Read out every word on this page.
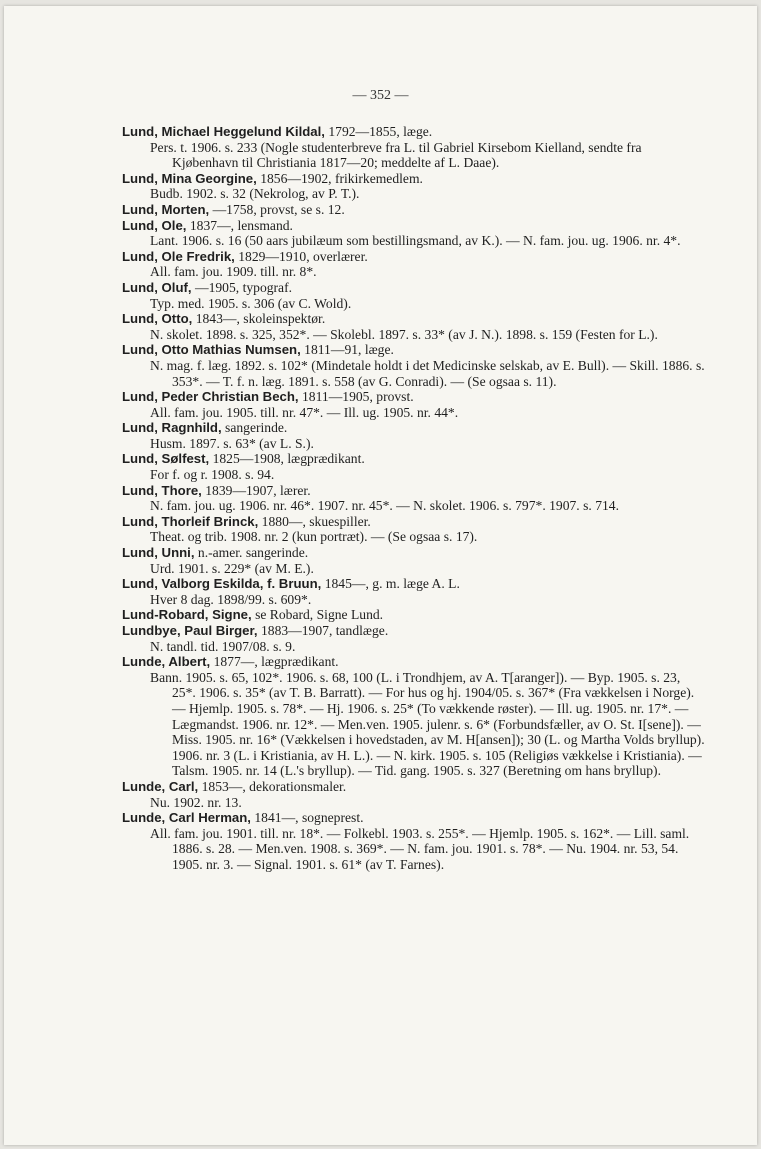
— 352 —

Lund, Michael Heggelund Kildal, 1792—1855, læge.

Pers. t. 1906. s. 233 (Nogle studenterbreve fra L. til Gabriel Kirsebom Kielland, sendte fra Kjøbenhavn til Christiania 1817—20; meddelte af L. Daae).

Lund, Mina Georgine, 1856—1902, frikirkemedlem.

Budb. 1902. s. 32 (Nekrolog, av P. T.).

Lund, Morten, —1758, provst, se s. 12.

Lund, Ole, 1837—, lensmand.

Lant. 1906. s. 16 (50 aars jubilæum som bestillingsmand, av K.). — N. fam. jou. ug. 1906. nr. 4*.

Lund, Ole Fredrik, 1829—1910, overlærer.

All. fam. jou. 1909. till. nr. 8*.

Lund, Oluf, —1905, typograf.

Typ. med. 1905. s. 306 (av C. Wold).

Lund, Otto, 1843—, skoleinspektør.

N. skolet. 1898. s. 325, 352*. — Skolebl. 1897. s. 33* (av J. N.). 1898. s. 159 (Festen for L.).

Lund, Otto Mathias Numsen, 1811—91, læge.

N. mag. f. læg. 1892. s. 102* (Mindetale holdt i det Medicinske selskab, av E. Bull). — Skill. 1886. s. 353*. — T. f. n. læg. 1891. s. 558 (av G. Conradi). — (Se ogsaa s. 11).

Lund, Peder Christian Bech, 1811—1905, provst.

All. fam. jou. 1905. till. nr. 47*. — Ill. ug. 1905. nr. 44*.

Lund, Ragnhild, sangerinde.

Husm. 1897. s. 63* (av L. S.).

Lund, Sølfest, 1825—1908, lægprædikant.

For f. og r. 1908. s. 94.

Lund, Thore, 1839—1907, lærer.

N. fam. jou. ug. 1906. nr. 46*. 1907. nr. 45*. — N. skolet. 1906. s. 797*. 1907. s. 714.

Lund, Thorleif Brinck, 1880—, skuespiller.

Theat. og trib. 1908. nr. 2 (kun portræt). — (Se ogsaa s. 17).

Lund, Unni, n.-amer. sangerinde.

Urd. 1901. s. 229* (av M. E.).

Lund, Valborg Eskilda, f. Bruun, 1845—, g. m. læge A. L.

Hver 8 dag. 1898/99. s. 609*.

Lund-Robard, Signe, se Robard, Signe Lund.

Lundbye, Paul Birger, 1883—1907, tandlæge.

N. tandl. tid. 1907/08. s. 9.

Lunde, Albert, 1877—, lægprædikant.

Bann. 1905. s. 65, 102*. 1906. s. 68, 100 (L. i Trondhjem, av A. T[aranger]). — Byp. 1905. s. 23, 25*. 1906. s. 35* (av T. B. Barratt). — For hus og hj. 1904/05. s. 367* (Fra vækkelsen i Norge). — Hjemlp. 1905. s. 78*. — Hj. 1906. s. 25* (To vækkende røster). — Ill. ug. 1905. nr. 17*. — Lægmandst. 1906. nr. 12*. — Men.ven. 1905. julenr. s. 6* (Forbundsfæller, av O. St. I[sene]). — Miss. 1905. nr. 16* (Vækkelsen i hovedstaden, av M. H[ansen]); 30 (L. og Martha Volds bryllup). 1906. nr. 3 (L. i Kristiania, av H. L.). — N. kirk. 1905. s. 105 (Religiøs vækkelse i Kristiania). — Talsm. 1905. nr. 14 (L.'s bryllup). — Tid. gang. 1905. s. 327 (Beretning om hans bryllup).

Lunde, Carl, 1853—, dekorationsmaler.

Nu. 1902. nr. 13.

Lunde, Carl Herman, 1841—, sogneprest.

All. fam. jou. 1901. till. nr. 18*. — Folkebl. 1903. s. 255*. — Hjemlp. 1905. s. 162*. — Lill. saml. 1886. s. 28. — Men.ven. 1908. s. 369*. — N. fam. jou. 1901. s. 78*. — Nu. 1904. nr. 53, 54. 1905. nr. 3. — Signal. 1901. s. 61* (av T. Farnes).
